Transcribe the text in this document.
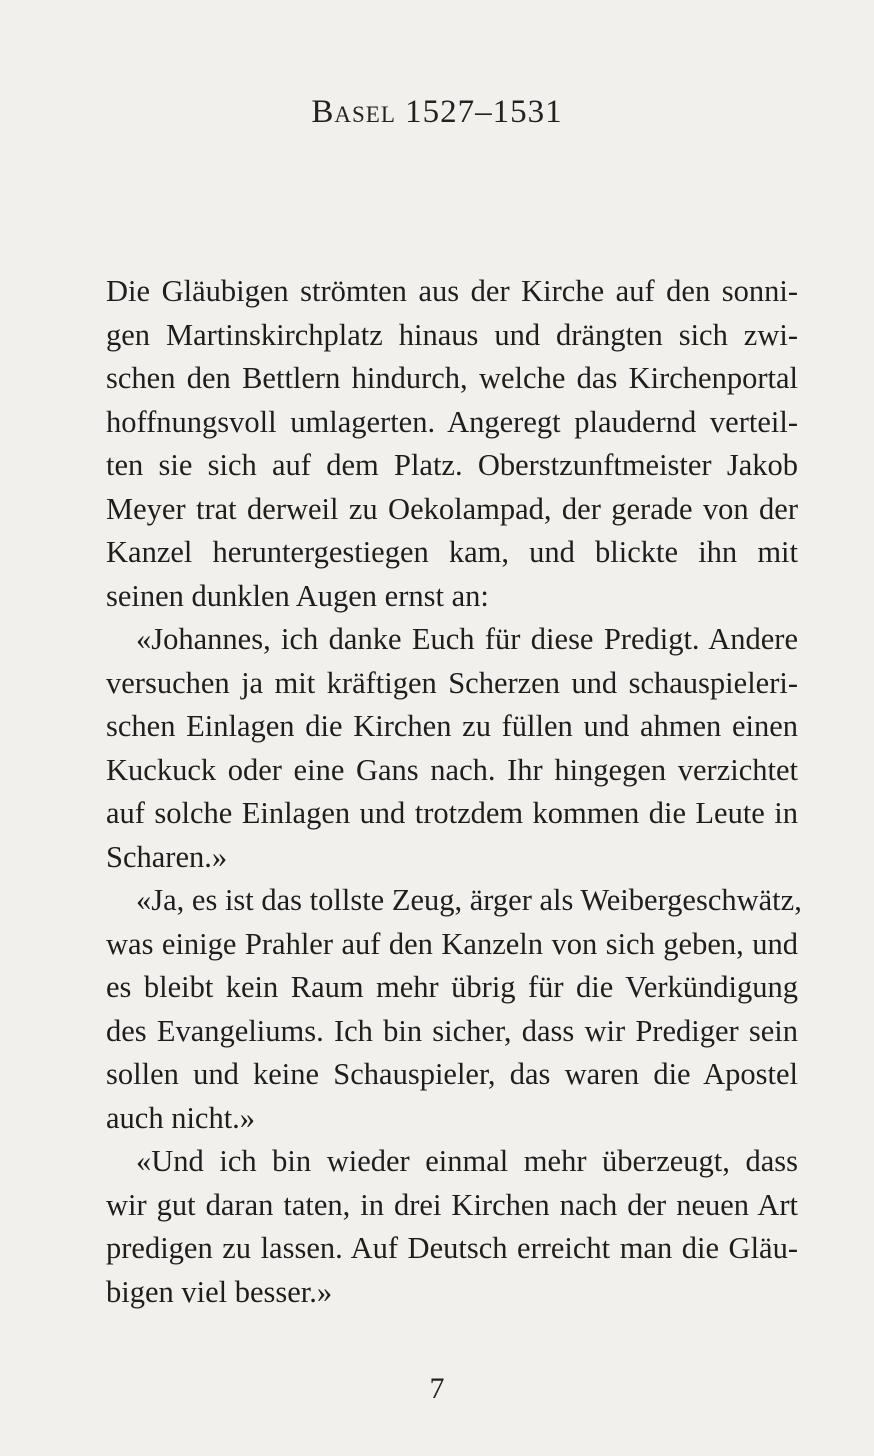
Basel 1527–1531

Die Gläubigen strömten aus der Kirche auf den sonni-
gen Martinskirchplatz hinaus und drängten sich zwi-
schen den Bettlern hindurch, welche das Kirchenportal
hoffnungsvoll umlagerten. Angeregt plaudernd verteil-
ten sie sich auf dem Platz. Oberstzunftmeister Jakob
Meyer trat derweil zu Oekolampad, der gerade von der
Kanzel heruntergestiegen kam, und blickte ihn mit
seinen dunklen Augen ernst an:

«Johannes, ich danke Euch für diese Predigt. Andere
versuchen ja mit kräftigen Scherzen und schauspieleri-
schen Einlagen die Kirchen zu füllen und ahmen einen
Kuckuck oder eine Gans nach. Ihr hingegen verzichtet
auf solche Einlagen und trotzdem kommen die Leute in
Scharen.»

«Ja, es ist das tollste Zeug, ärger als Weibergeschwätz,
was einige Prahler auf den Kanzeln von sich geben, und
es bleibt kein Raum mehr übrig für die Verkündigung
des Evangeliums. Ich bin sicher, dass wir Prediger sein
sollen und keine Schauspieler, das waren die Apostel
auch nicht.»

«Und ich bin wieder einmal mehr überzeugt, dass
wir gut daran taten, in drei Kirchen nach der neuen Art
predigen zu lassen. Auf Deutsch erreicht man die Gläu-
bigen viel besser.»

7
